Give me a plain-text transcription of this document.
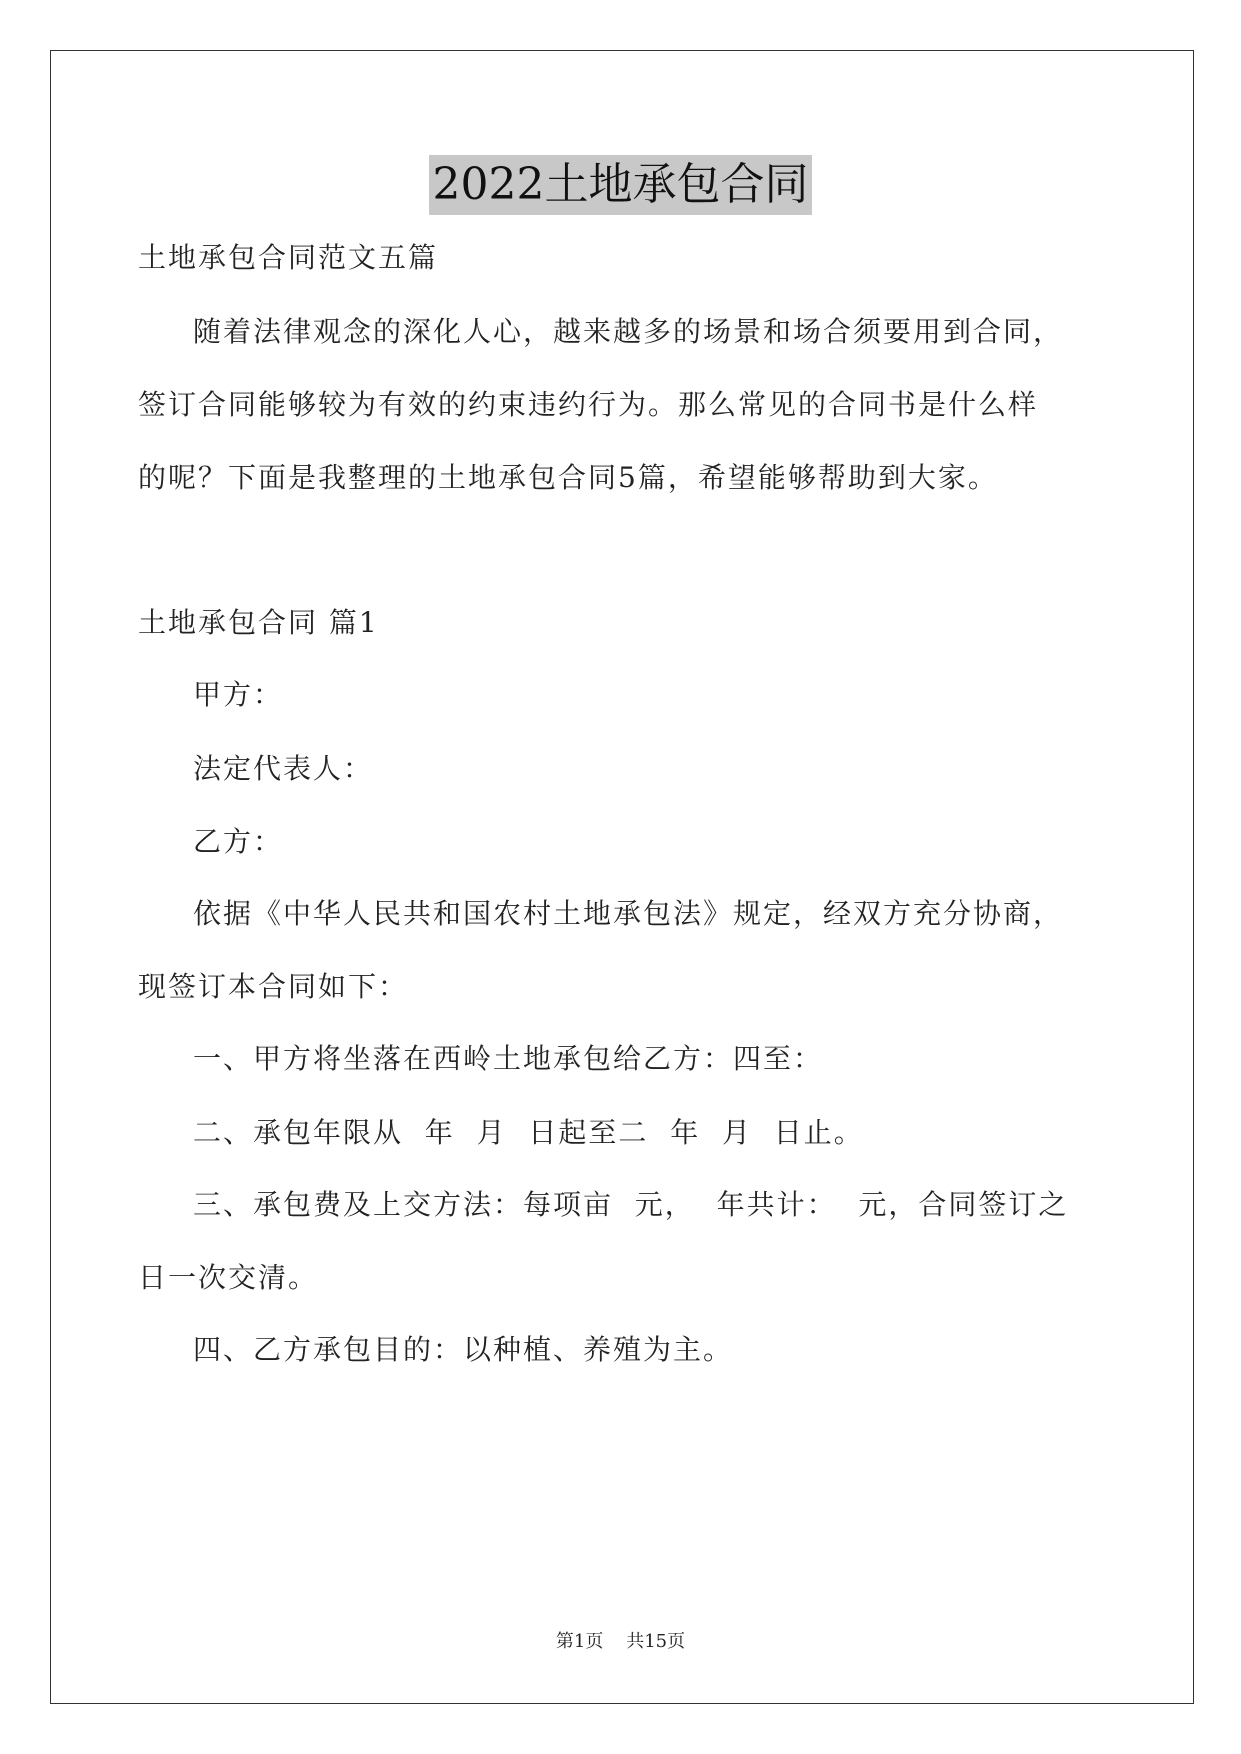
2022土地承包合同
土地承包合同范文五篇
随着法律观念的深化人心，越来越多的场景和场合须要用到合同，
签订合同能够较为有效的约束违约行为。那么常见的合同书是什么样
的呢？下面是我整理的土地承包合同5篇，希望能够帮助到大家。
土地承包合同 篇1
甲方：
法定代表人：
乙方：
依据《中华人民共和国农村土地承包法》规定，经双方充分协商，
现签订本合同如下：
一、甲方将坐落在西岭土地承包给乙方：四至：
二、承包年限从  年  月  日起至二  年  月  日止。
三、承包费及上交方法：每项亩  元，  年共计：  元，合同签订之
日一次交清。
四、乙方承包目的：以种植、养殖为主。
第1页    共15页
